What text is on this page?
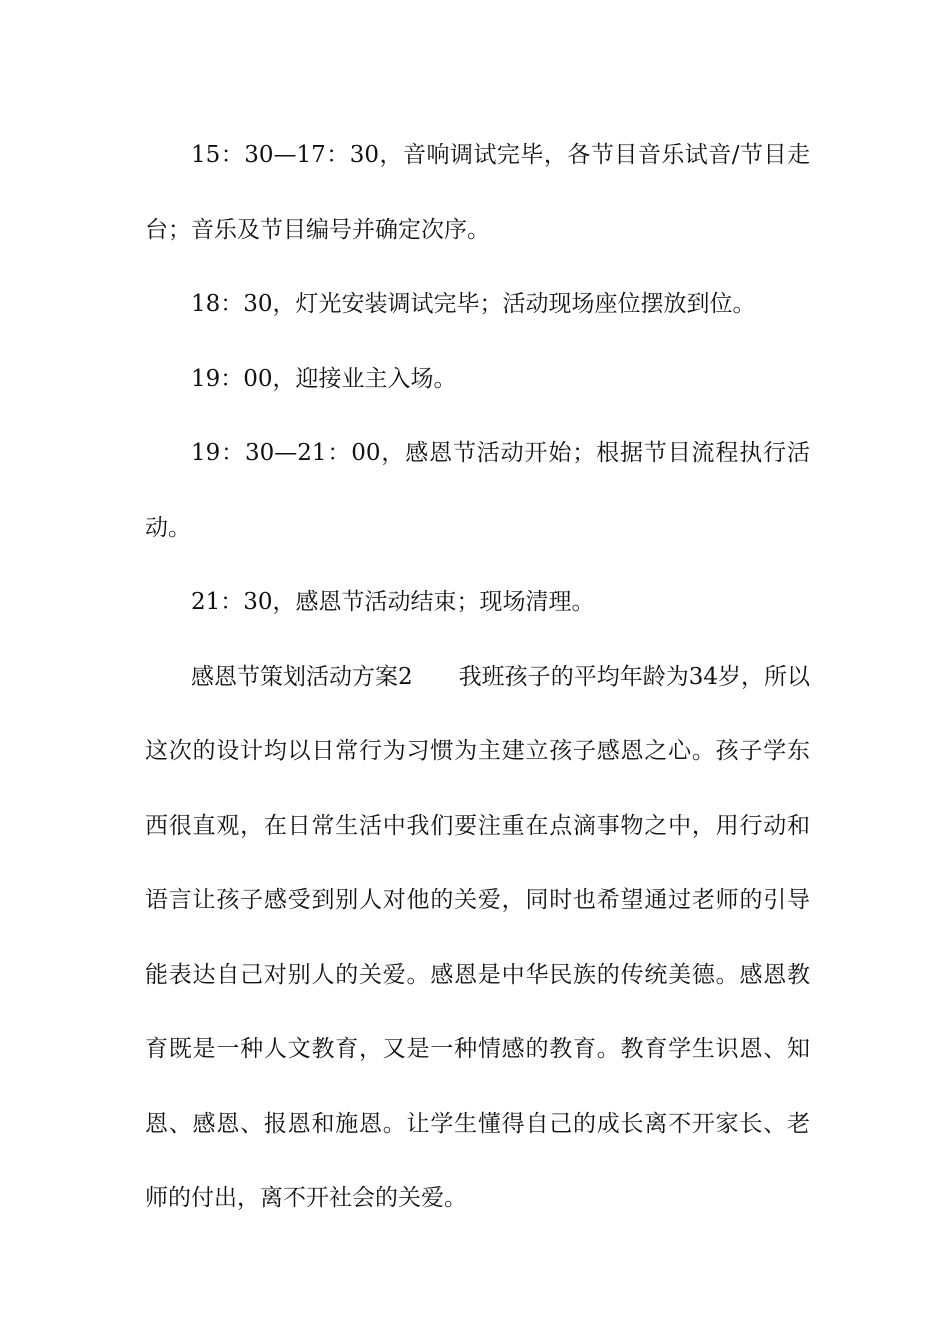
15：30—17：30，音响调试完毕，各节目音乐试音/节目走台；音乐及节目编号并确定次序。

18：30，灯光安装调试完毕；活动现场座位摆放到位。

19：00，迎接业主入场。

19：30—21：00，感恩节活动开始；根据节目流程执行活动。

21：30，感恩节活动结束；现场清理。

感恩节策划活动方案2 我班孩子的平均年龄为34岁，所以这次的设计均以日常行为习惯为主建立孩子感恩之心。孩子学东西很直观，在日常生活中我们要注重在点滴事物之中，用行动和语言让孩子感受到别人对他的关爱，同时也希望通过老师的引导能表达自己对别人的关爱。感恩是中华民族的传统美德。感恩教育既是一种人文教育，又是一种情感的教育。教育学生识恩、知恩、感恩、报恩和施恩。让学生懂得自己的成长离不开家长、老师的付出，离不开社会的关爱。
